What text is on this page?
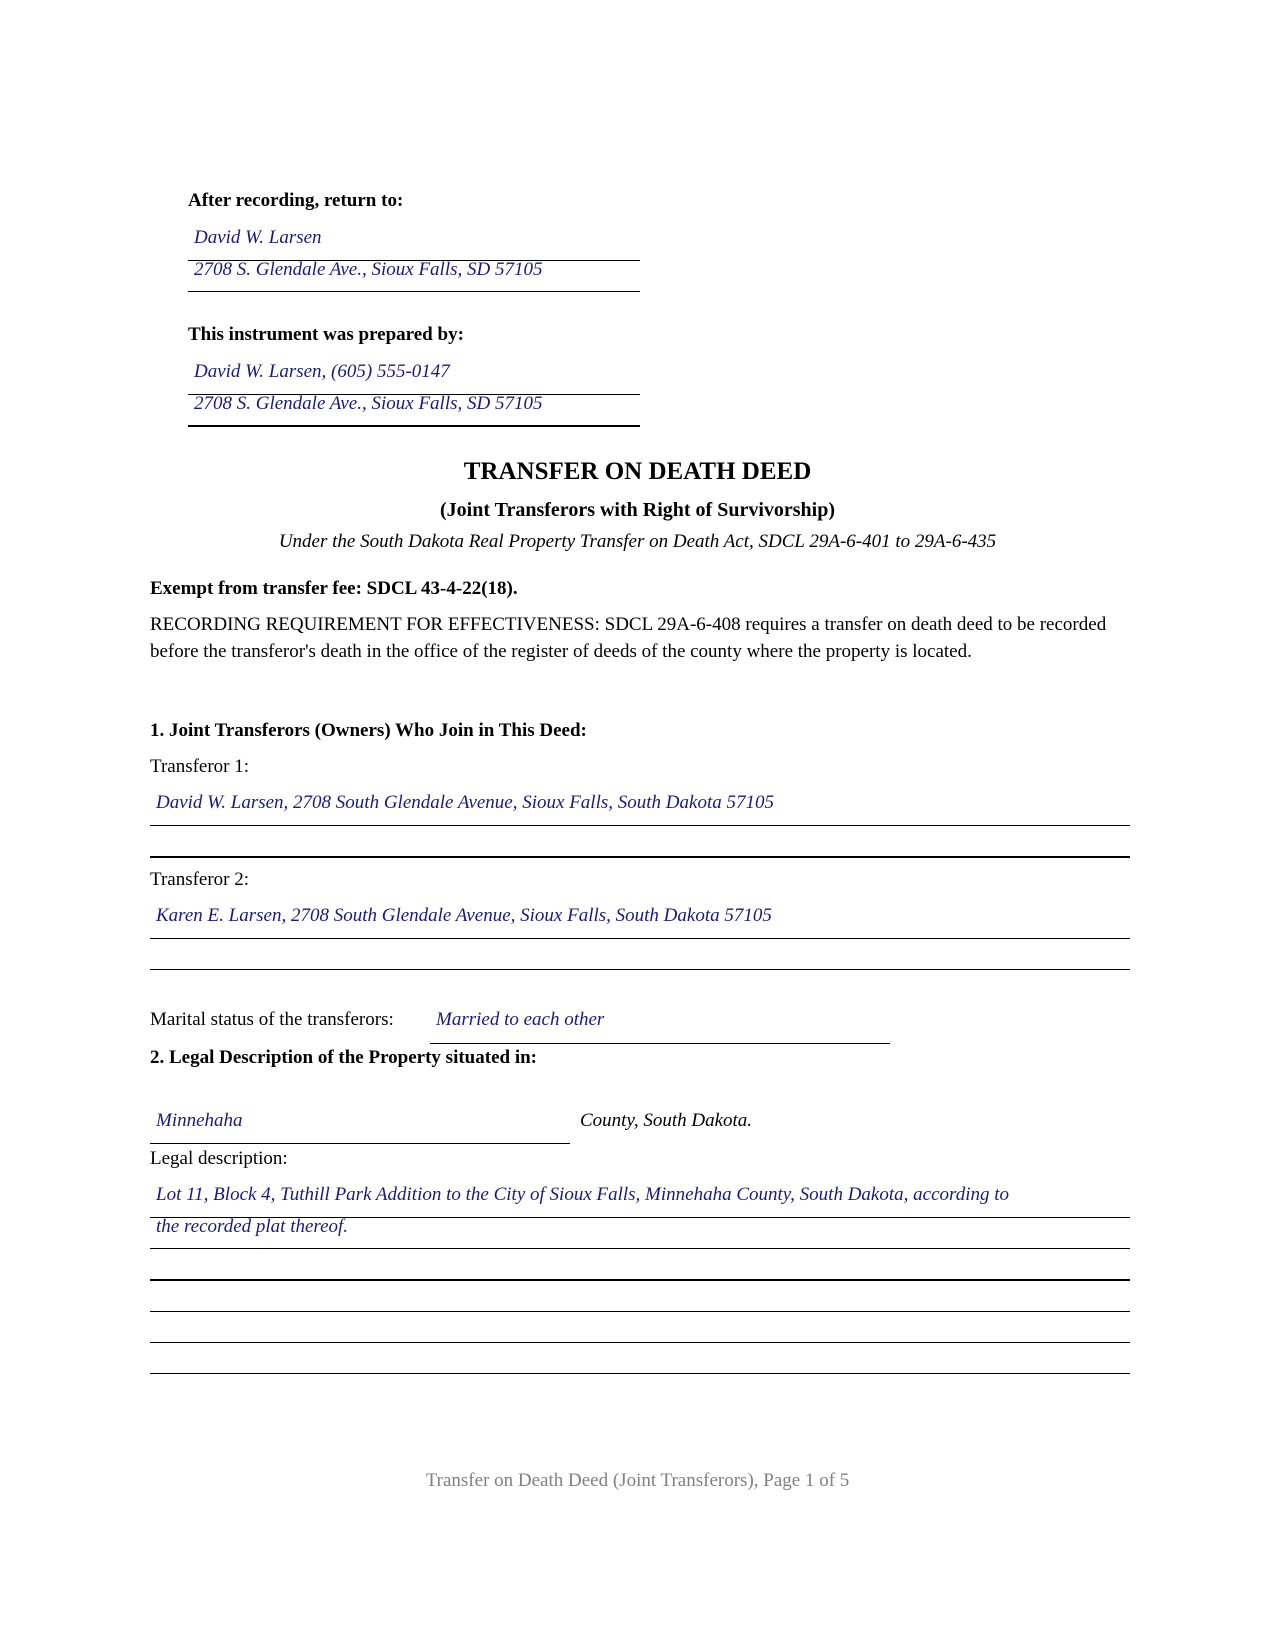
After recording, return to:
David W. Larsen
2708 S. Glendale Ave., Sioux Falls, SD 57105
This instrument was prepared by:
David W. Larsen, (605) 555-0147
2708 S. Glendale Ave., Sioux Falls, SD 57105
TRANSFER ON DEATH DEED
(Joint Transferors with Right of Survivorship)
Under the South Dakota Real Property Transfer on Death Act, SDCL 29A-6-401 to 29A-6-435
Exempt from transfer fee: SDCL 43-4-22(18).
RECORDING REQUIREMENT FOR EFFECTIVENESS: SDCL 29A-6-408 requires a transfer on death deed to be recorded before the transferor's death in the office of the register of deeds of the county where the property is located.
1. Joint Transferors (Owners) Who Join in This Deed:
Transferor 1:
David W. Larsen, 2708 South Glendale Avenue, Sioux Falls, South Dakota 57105
Transferor 2:
Karen E. Larsen, 2708 South Glendale Avenue, Sioux Falls, South Dakota 57105
Marital status of the transferors: Married to each other
2. Legal Description of the Property situated in:
Minnehaha	County, South Dakota.
Legal description:
Lot 11, Block 4, Tuthill Park Addition to the City of Sioux Falls, Minnehaha County, South Dakota, according to
the recorded plat thereof.
Transfer on Death Deed (Joint Transferors), Page 1 of 5
